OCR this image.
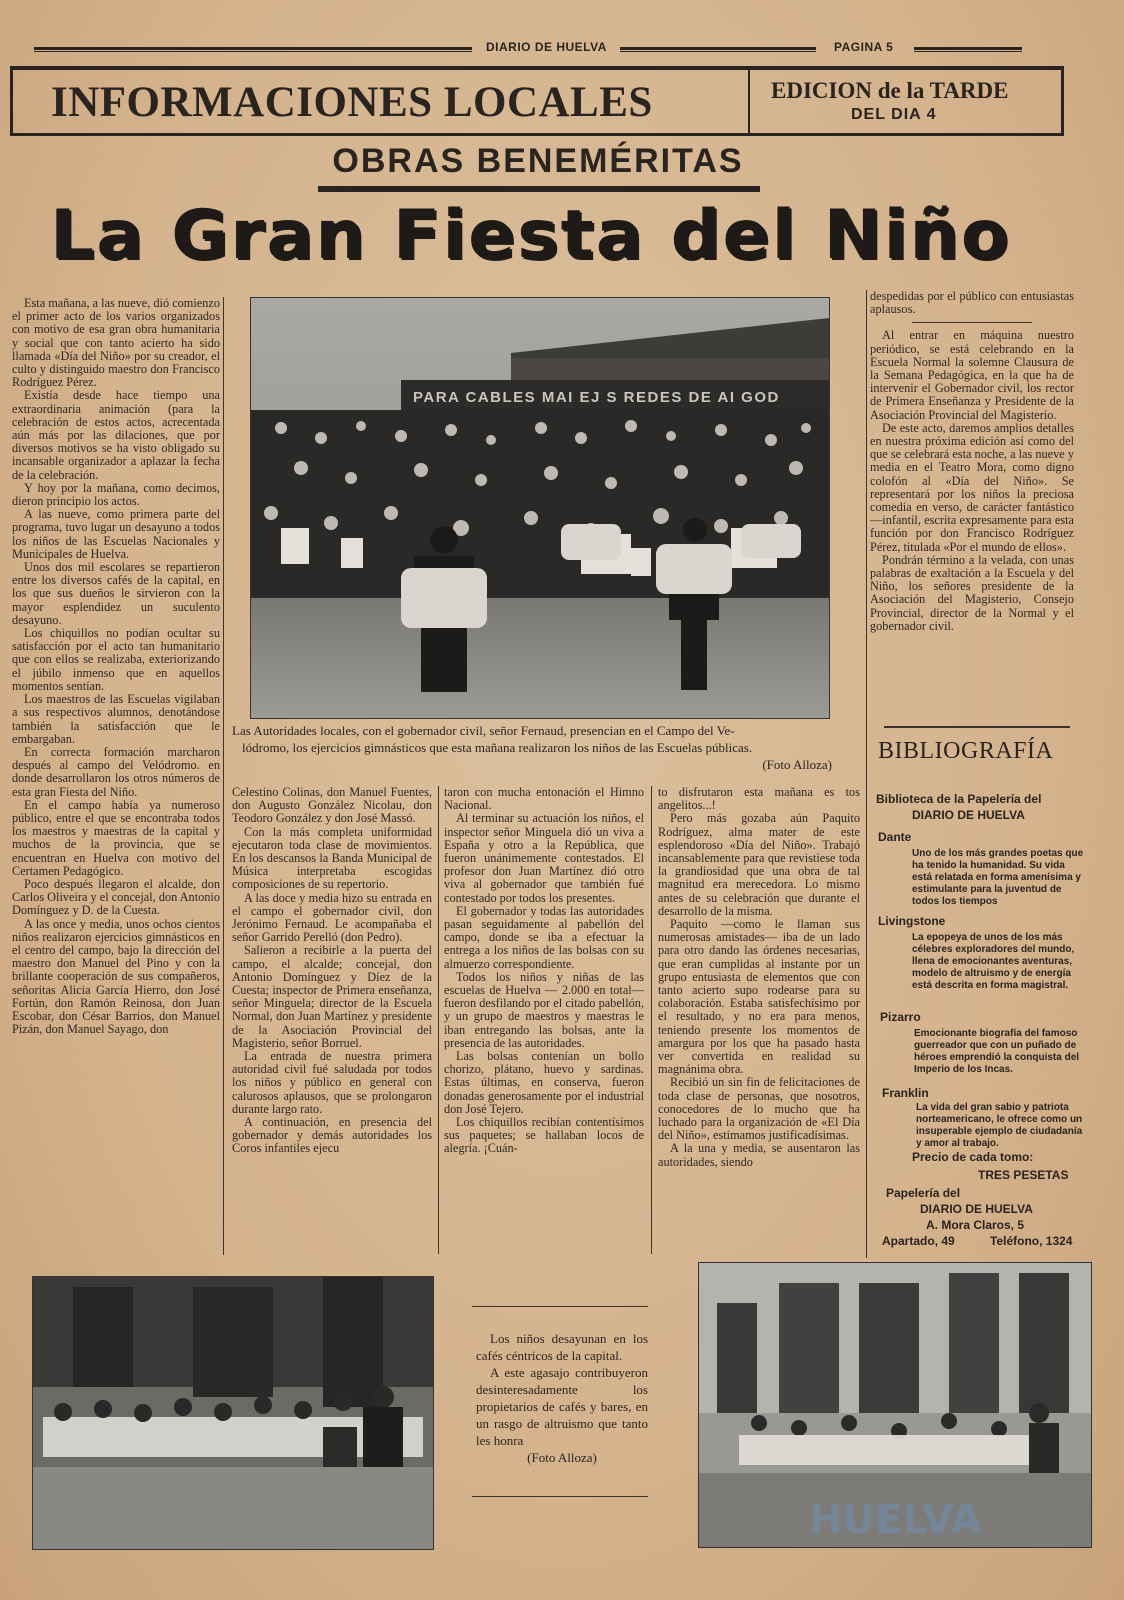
DIARIO DE HUELVA	PAGINA 5
INFORMACIONES LOCALES	EDICION de la TARDE
DEL DIA 4
OBRAS BENEMÉRITAS
La Gran Fiesta del Niño
PARA CABLES MAI EJ S REDES DE AI GOD
Las Autoridades locales, con el gobernador civil, señor Fernaud, presencian en el Campo del Ve-
lódromo, los ejercicios gimnásticos que esta mañana realizaron los niños de las Escuelas públicas.
(Foto Alloza)

Esta mañana, a las nueve, dió comienzo el primer acto de los varios organizados con motivo de esa gran obra humanitaria y social que con tanto acierto ha sido llamada «Día del Niño» por su creador, el culto y distinguido maestro don Francisco Rodríguez Pérez.

Existía desde hace tiempo una extraordinaria animación (para la celebración de estos actos, acrecentada aún más por las dilaciones, que por diversos motivos se ha visto obligado su incansable organizador a aplazar la fecha de la celebración.

Y hoy por la mañana, como decimos, dieron principio los actos.

A las nueve, como primera parte del programa, tuvo lugar un desayuno a todos los niños de las Escuelas Nacionales y Municipales de Huelva.

Unos dos mil escolares se repartieron entre los diversos cafés de la capital, en los que sus dueños le sirvieron con la mayor esplendidez un suculento desayuno.

Los chiquillos no podían ocultar su satisfacción por el acto tan humanitario que con ellos se realizaba, exteriorizando el júbilo inmenso que en aquellos momentos sentían.

Los maestros de las Escuelas vigilaban a sus respectivos alumnos, denotándose también la satisfacción que le embargaban.

En correcta formación marcharon después al campo del Velódromo. en donde desarrollaron los otros números de esta gran Fiesta del Niño.

En el campo había ya numeroso público, entre el que se encontraba todos los maestros y maestras de la capital y muchos de la provincia, que se encuentran en Huelva con motivo del Certamen Pedagógico.

Poco después llegaron el alcalde, don Carlos Oliveira y el concejal, don Antonio Domínguez y D. de la Cuesta.

A las once y media, unos ochos cientos niños realizaron ejercicios gimnásticos en el centro del campo, bajo la dirección del maestro don Manuel del Pino y con la brillante cooperación de sus compañeros, señoritas Alicia García Hierro, don José Fortún, don Ramón Reinosa, don Juan Escobar, don César Barrios, don Manuel Pizán, don Manuel Sayago, don

Celestino Colinas, don Manuel Fuentes, don Augusto González Nicolau, don Teodoro González y don José Massó.

Con la más completa uniformidad ejecutaron toda clase de movimientos. En los descansos la Banda Municipal de Música interpretaba escogidas composiciones de su repertorio.

A las doce y media hizo su entrada en el campo el gobernador civil, don Jerónimo Fernaud. Le acompañaba el señor Garrido Perelló (don Pedro).

Salieron a recibirle a la puerta del campo, el alcalde; concejal, don Antonio Domínguez y Díez de la Cuesta; inspector de Primera enseñanza, señor Minguela; director de la Escuela Normal, don Juan Martínez y presidente de la Asociación Provincial del Magisterio, señor Borruel.

La entrada de nuestra primera autoridad civil fué saludada por todos los niños y público en general con calurosos aplausos, que se prolongaron durante largo rato.

A continuación, en presencia del gobernador y demás autoridades los Coros infantiles ejecu

taron con mucha entonación el Himno Nacional.

Al terminar su actuación los niños, el inspector señor Minguela dió un viva a España y otro a la República, que fueron unánimemente contestados. El profesor don Juan Martínez dió otro viva al gobernador que también fué contestado por todos los presentes.

El gobernador y todas las autoridades pasan seguidamente al pabellón del campo, donde se iba a efectuar la entrega a los niños de las bolsas con su almuerzo correspondiente.

Todos los niños y niñas de las escuelas de Huelva — 2.000 en total— fueron desfilando por el citado pabellón, y un grupo de maestros y maestras le iban entregando las bolsas, ante la presencia de las autoridades.

Las bolsas contenían un bollo chorizo, plátano, huevo y sardinas. Estas últimas, en conserva, fueron donadas generosamente por el industrial don José Tejero.

Los chiquillos recibían contentísimos sus paquetes; se hallaban locos de alegría. ¡Cuán-

to disfrutaron esta mañana es tos angelitos...!

Pero más gozaba aún Paquito Rodríguez, alma mater de este esplendoroso «Día del Niño». Trabajó incansablemente para que revistiese toda la grandiosidad que una obra de tal magnitud era merecedora. Lo mismo antes de su celebración que durante el desarrollo de la misma.

Paquito —como le llaman sus numerosas amistades— iba de un lado para otro dando las órdenes necesarias, que eran cumplidas al instante por un grupo entusiasta de elementos que con tanto acierto supo rodearse para su colaboración. Estaba satisfechísimo por el resultado, y no era para menos, teniendo presente los momentos de amargura por los que ha pasado hasta ver convertida en realidad su magnánima obra.

Recibió un sin fin de felicitaciones de toda clase de personas, que nosotros, conocedores de lo mucho que ha luchado para la organización de «El Día del Niño», estimamos justificadísimas.

A la una y media, se ausentaron las autoridades, siendo

despedidas por el público con entusiastas aplausos.

Al entrar en máquina nuestro periódico, se está celebrando en la Escuela Normal la solemne Clausura de la Semana Pedagógica, en la que ha de intervenir el Gobernador civil, los rector de Primera Enseñanza y Presidente de la Asociación Provincial del Magisterio.

De este acto, daremos amplios detalles en nuestra próxima edición así como del que se celebrará esta noche, a las nueve y media en el Teatro Mora, como digno colofón al «Día del Niño». Se representará por los niños la preciosa comedia en verso, de carácter fantástico —infantil, escrita expresamente para esta función por don Francisco Rodríguez Pérez, titulada «Por el mundo de ellos».

Pondrán término a la velada, con unas palabras de exaltación a la Escuela y del Niño, los señores presidente de la Asociación del Magisterio, Consejo Provincial, director de la Normal y el gobernador civil.

BIBLIOGRAFÍA
Biblioteca de la Papelería del
DIARIO DE HUELVA
Dante
Uno de los más grandes poetas que ha tenido la humanidad. Su vida está relatada en forma amenísima y estimulante para la juventud de todos los tiempos
Livingstone
La epopeya de unos de los más célebres exploradores del mundo, llena de emocionantes aventuras, modelo de altruismo y de energía está descrita en forma magistral.
Pizarro
Emocionante biografía del famoso guerreador que con un puñado de héroes emprendió la conquista del Imperio de los Incas.
Franklin
La vida del gran sabio y patriota norteamericano, le ofrece como un insuperable ejemplo de ciudadanía y amor al trabajo.
Precio de cada tomo:
TRES PESETAS
Papelería del
DIARIO DE HUELVA
A. Mora Claros, 5
Apartado, 49	Teléfono, 1324
Los niños desayunan en los cafés céntricos de la capital.
A este agasajo contribuyeron desinteresadamente los propietarios de cafés y bares, en un rasgo de altruismo que tanto les honra
(Foto Alloza)
HUELVA
